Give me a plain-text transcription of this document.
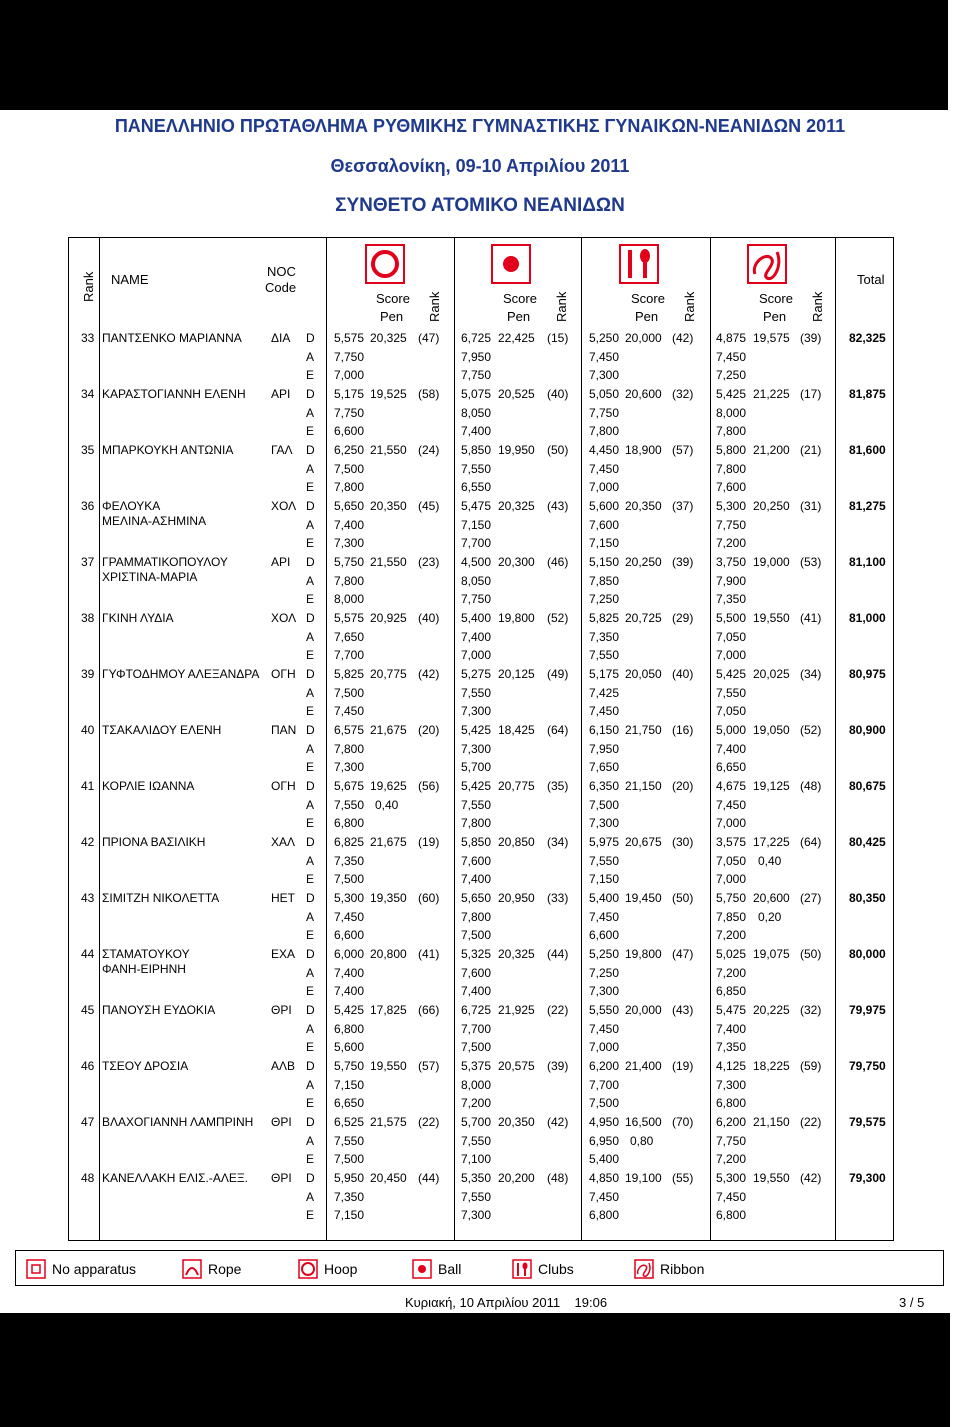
ΠΑΝΕΛΛΗΝΙΟ ΠΡΩΤΑΘΛΗΜΑ ΡΥΘΜΙΚΗΣ ΓΥΜΝΑΣΤΙΚΗΣ ΓΥΝΑΙΚΩΝ-ΝΕΑΝΙΔΩΝ 2011
Θεσσαλονίκη, 09-10 Απριλίου 2011
ΣΥΝΘΕΤΟ ΑΤΟΜΙΚΟ ΝΕΑΝΙΔΩΝ
Rank NAME
NOC
Code
Total
Score
Pen Rank	Score
Pen Rank	Score
Pen Rank	Score
Pen Rank
33 ΠΑΝΤΣΕΝΚΟ ΜΑΡΙΑΝΝΑ ΔΙΑ D 5,575 20,325 (47) 6,725 22,425 (15) 5,250 20,000 (42) 4,875 19,575 (39)
A 7,750	7,950	7,450	7,450
E 7,000	7,750	7,300	7,250
82,325
34 ΚΑΡΑΣΤΟΓΙΑΝΝΗ ΕΛΕΝΗ ΑΡΙ D 5,175 19,525 (58) 5,075 20,525 (40) 5,050 20,600 (32) 5,425 21,225 (17)
A 7,750	8,050	7,750	8,000
E 6,600	7,400	7,800	7,800
81,875
35 ΜΠΑΡΚΟΥΚΗ ΑΝΤΩΝΙΑ	ΓΑΛ D 6,250 21,550 (24) 5,850 19,950 (50) 4,450 18,900 (57) 5,800 21,200 (21)
A 7,500	7,550	7,450	7,800
E 7,800	6,550	7,000	7,600
81,600
36 ΦΕΛΟΥΚΑ
ΜΕΛΙΝΑ-ΑΣΗΜΙΝΑ
ΧΟΛ D 5,650 20,350 (45) 5,475 20,325 (43) 5,600 20,350 (37) 5,300 20,250 (31)
A 7,400	7,150	7,600	7,750
E 7,300	7,700	7,150	7,200
81,275
37 ΓΡΑΜΜΑΤΙΚΟΠΟΥΛΟΥ
ΧΡΙΣΤΙΝΑ-ΜΑΡΙΑ
ΑΡΙ D 5,750 21,550 (23) 4,500 20,300 (46) 5,150 20,250 (39) 3,750 19,000 (53)
A 7,800	8,050	7,850	7,900
E 8,000	7,750	7,250	7,350
81,100
38 ΓΚΙΝΗ ΛΥΔΙΑ	ΧΟΛ D 5,575 20,925 (40) 5,400 19,800 (52) 5,825 20,725 (29) 5,500 19,550 (41)
A 7,650	7,400	7,350	7,050
E 7,700	7,000	7,550	7,000
81,000
39 ΓΥΦΤΟΔΗΜΟΥ ΑΛΕΞΑΝΔΡΑ ΟΓΗ D 5,825 20,775 (42) 5,275 20,125 (49) 5,175 20,050 (40) 5,425 20,025 (34)
A 7,500	7,550	7,425	7,550
E 7,450	7,300	7,450	7,050
80,975
40 ΤΣΑΚΑΛΙΔΟΥ ΕΛΕΝΗ	ΠΑΝ D 6,575 21,675 (20) 5,425 18,425 (64) 6,150 21,750 (16) 5,000 19,050 (52)
A 7,800	7,300	7,950	7,400
E 7,300	5,700	7,650	6,650
80,900
41 ΚΟΡΛΙΕ ΙΩΑΝΝΑ	ΟΓΗ D 5,675 19,625 (56) 5,425 20,775 (35) 6,350 21,150 (20) 4,675 19,125 (48)
A 7,550 0,40	7,550	7,500	7,450
E 6,800	7,800	7,300	7,000
80,675
42 ΠΡΙΟΝΑ ΒΑΣΙΛΙΚΗ	ΧΑΛ D 6,825 21,675 (19) 5,850 20,850 (34) 5,975 20,675 (30) 3,575 17,225 (64)
A 7,350	7,600	7,550	7,050 0,40
E 7,500	7,400	7,150	7,000
80,425
43 ΣΙΜΙΤΖΗ ΝΙΚΟΛΕΤΤΑ	ΗΕΤ D 5,300 19,350 (60) 5,650 20,950 (33) 5,400 19,450 (50) 5,750 20,600 (27)
A 7,450	7,800	7,450	7,850 0,20
E 6,600	7,500	6,600	7,200
80,350
44 ΣΤΑΜΑΤΟΥΚΟΥ
ΦΑΝΗ-ΕΙΡΗΝΗ
ΕΧΑ D 6,000 20,800 (41) 5,325 20,325 (44) 5,250 19,800 (47) 5,025 19,075 (50)
A 7,400	7,600	7,250	7,200
E 7,400	7,400	7,300	6,850
80,000
45 ΠΑΝΟΥΣΗ ΕΥΔΟΚΙΑ	ΘΡΙ D 5,425 17,825 (66) 6,725 21,925 (22) 5,550 20,000 (43) 5,475 20,225 (32)
A 6,800	7,700	7,450	7,400
E 5,600	7,500	7,000	7,350
79,975
46 ΤΣΕΟΥ ΔΡΟΣΙΑ	ΑΛΒ D 5,750 19,550 (57) 5,375 20,575 (39) 6,200 21,400 (19) 4,125 18,225 (59)
A 7,150	8,000	7,700	7,300
E 6,650	7,200	7,500	6,800
79,750
47 ΒΛΑΧΟΓΙΑΝΝΗ ΛΑΜΠΡΙΝΗ ΘΡΙ D 6,525 21,575 (22) 5,700 20,350 (42) 4,950 16,500 (70) 6,200 21,150 (22)
A 7,550	7,550	6,950 0,80	7,750
E 7,500	7,100	5,400	7,200
79,575
48 ΚΑΝΕΛΛΑΚΗ ΕΛΙΣ.-ΑΛΕΞ. ΘΡΙ D 5,950 20,450 (44) 5,350 20,200 (48) 4,850 19,100 (55) 5,300 19,550 (42)
A 7,350	7,550	7,450	7,450
E 7,150	7,300	6,800	6,800
79,300
No apparatus	Rope	Hoop	Ball	Clubs	Ribbon
Κυριακή, 10 Απριλίου 2011    19:06	3 / 5
